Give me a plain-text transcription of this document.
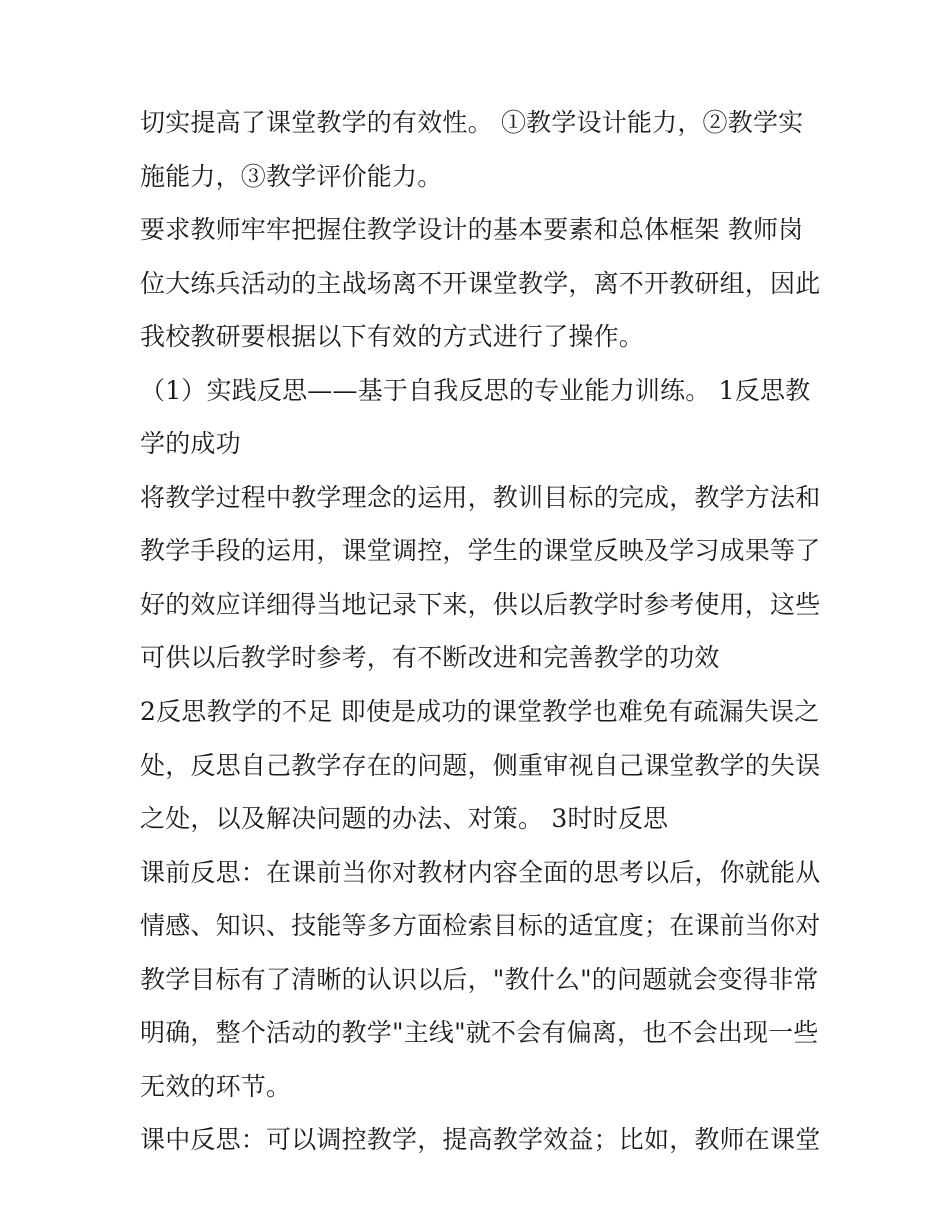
切实提高了课堂教学的有效性。 ①教学设计能力，②教学实
施能力，③教学评价能力。
要求教师牢牢把握住教学设计的基本要素和总体框架 教师岗
位大练兵活动的主战场离不开课堂教学，离不开教研组，因此
我校教研要根据以下有效的方式进行了操作。
（1）实践反思——基于自我反思的专业能力训练。 1反思教
学的成功
将教学过程中教学理念的运用，教训目标的完成，教学方法和
教学手段的运用，课堂调控，学生的课堂反映及学习成果等了
好的效应详细得当地记录下来，供以后教学时参考使用，这些
可供以后教学时参考，有不断改进和完善教学的功效
2反思教学的不足 即使是成功的课堂教学也难免有疏漏失误之
处，反思自己教学存在的问题，侧重审视自己课堂教学的失误
之处，以及解决问题的办法、对策。 3时时反思
课前反思：在课前当你对教材内容全面的思考以后，你就能从
情感、知识、技能等多方面检索目标的适宜度；在课前当你对
教学目标有了清晰的认识以后，"教什么"的问题就会变得非常
明确，整个活动的教学"主线"就不会有偏离，也不会出现一些
无效的环节。
课中反思：可以调控教学，提高教学效益；比如，教师在课堂
